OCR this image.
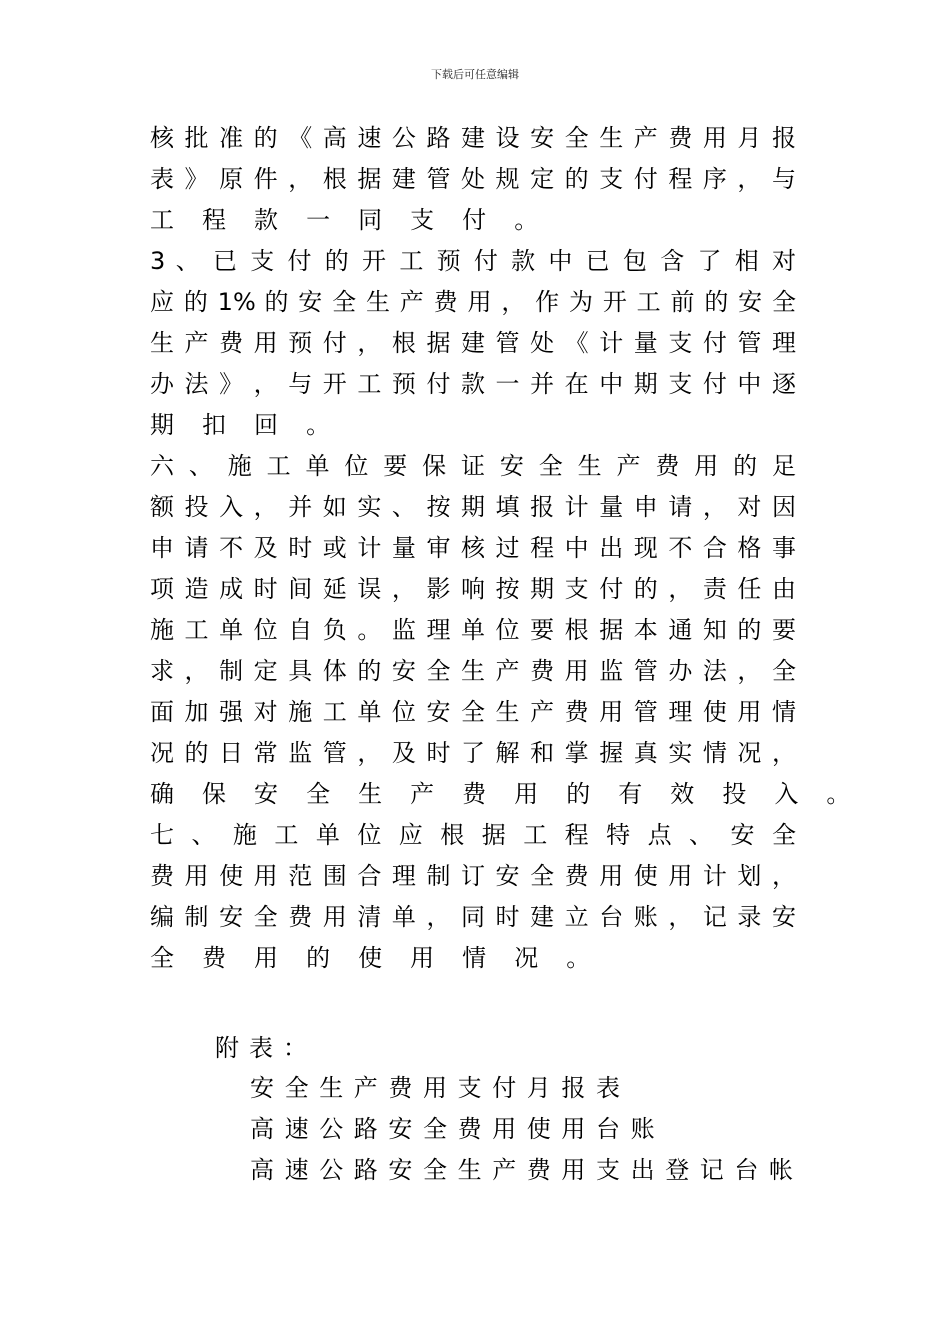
下载后可任意编辑
核 批 准 的 《 高 速 公 路 建 设 安 全 生 产 费 用 月 报
表 》 原 件 ， 根 据 建 管 处 规 定 的 支 付 程 序 ， 与
工 程 款 一 同 支 付 。
3 、 已 支 付 的 开 工 预 付 款 中 已 包 含 了 相 对
应 的 1% 的 安 全 生 产 费 用 ， 作 为 开 工 前 的 安 全
生 产 费 用 预 付 ， 根 据 建 管 处 《 计 量 支 付 管 理
办 法 》 ， 与 开 工 预 付 款 一 并 在 中 期 支 付 中 逐
期 扣 回 。
六 、 施 工 单 位 要 保 证 安 全 生 产 费 用 的 足
额 投 入 ， 并 如 实 、 按 期 填 报 计 量 申 请 ， 对 因
申 请 不 及 时 或 计 量 审 核 过 程 中 出 现 不 合 格 事
项 造 成 时 间 延 误 ， 影 响 按 期 支 付 的 ， 责 任 由
施 工 单 位 自 负 。 监 理 单 位 要 根 据 本 通 知 的 要
求 ， 制 定 具 体 的 安 全 生 产 费 用 监 管 办 法 ， 全
面 加 强 对 施 工 单 位 安 全 生 产 费 用 管 理 使 用 情
况 的 日 常 监 管 ， 及 时 了 解 和 掌 握 真 实 情 况 ，
确 保 安 全 生 产 费 用 的 有 效 投 入 。
七 、 施 工 单 位 应 根 据 工 程 特 点 、 安 全
费 用 使 用 范 围 合 理 制 订 安 全 费 用 使 用 计 划 ，
编 制 安 全 费 用 清 单 ， 同 时 建 立 台 账 ， 记 录 安
全 费 用 的 使 用 情 况 。
附表：
安全生产费用支付月报表
高速公路安全费用使用台账
高速公路安全生产费用支出登记台帐
